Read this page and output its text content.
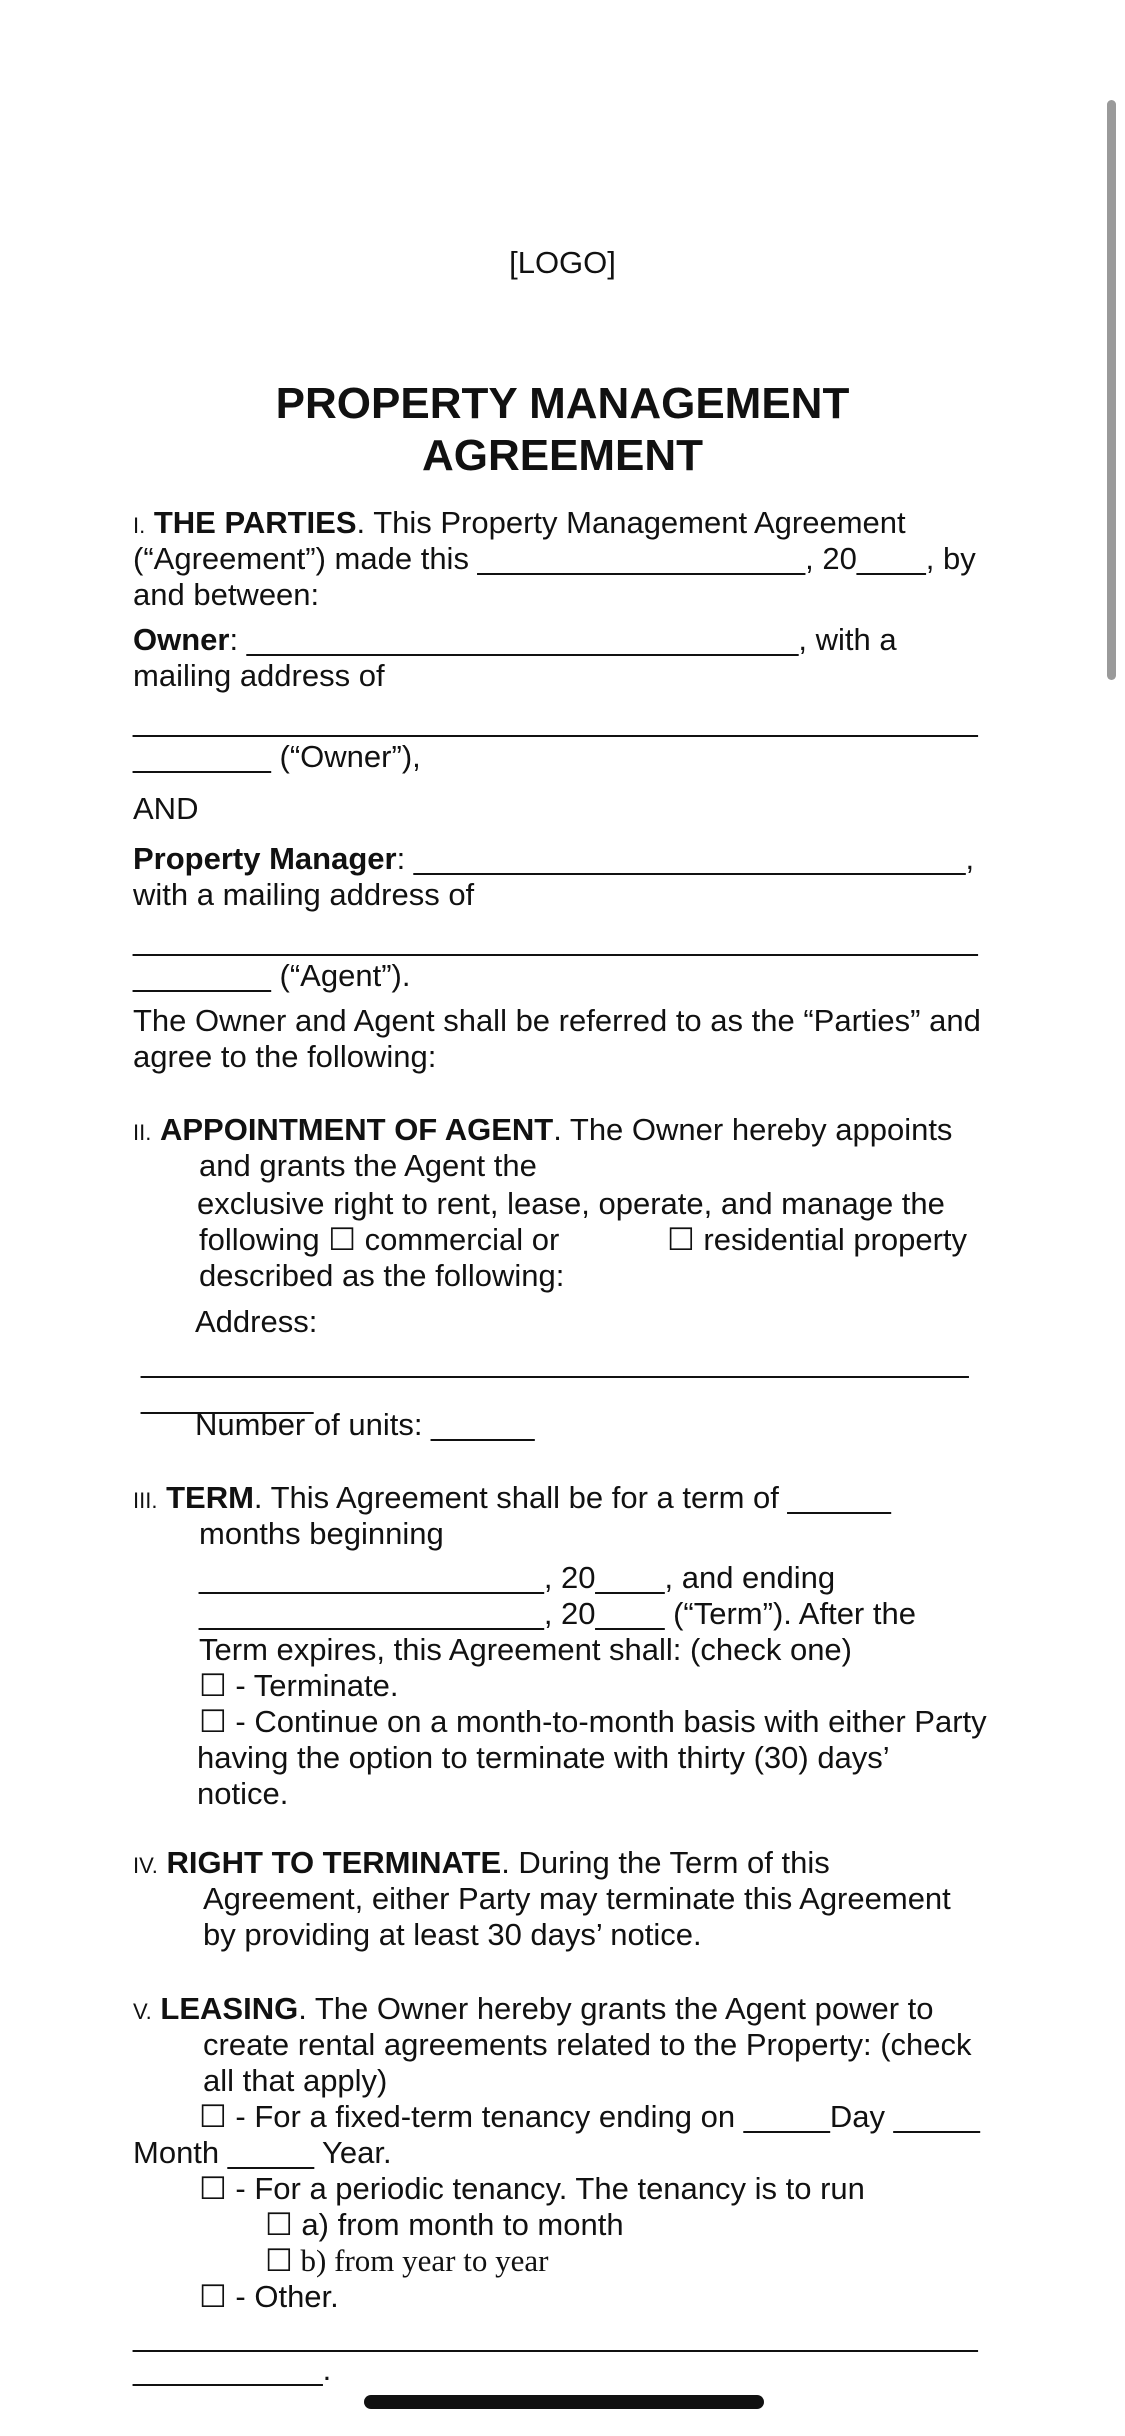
[LOGO]
PROPERTY MANAGEMENT
AGREEMENT
I. THE PARTIES. This Property Management Agreement
(“Agreement”) made this ___________________, 20____, by
and between:
Owner: ________________________________, with a
mailing address of
_________________________________________________
________ (“Owner”),
AND
Property Manager: ________________________________,
with a mailing address of
_________________________________________________
________ (“Agent”).
The Owner and Agent shall be referred to as the “Parties” and
agree to the following:
II. APPOINTMENT OF AGENT. The Owner hereby appoints
and grants the Agent the
exclusive right to rent, lease, operate, and manage the
following ☐ commercial or	☐ residential property
described as the following:
Address:
________________________________________________
__________
Number of units: ______
III. TERM. This Agreement shall be for a term of ______
months beginning
____________________, 20____, and ending
____________________, 20____ (“Term”). After the
Term expires, this Agreement shall: (check one)
☐ - Terminate.
☐ - Continue on a month-to-month basis with either Party
having the option to terminate with thirty (30) days’
notice.
IV. RIGHT TO TERMINATE. During the Term of this
Agreement, either Party may terminate this Agreement
by providing at least 30 days’ notice.
V. LEASING. The Owner hereby grants the Agent power to
create rental agreements related to the Property: (check
all that apply)
☐ - For a fixed-term tenancy ending on _____Day _____
Month _____ Year.
☐ - For a periodic tenancy. The tenancy is to run
☐ a) from month to month
☐ b) from year to year
☐ - Other.
_________________________________________________
___________.
